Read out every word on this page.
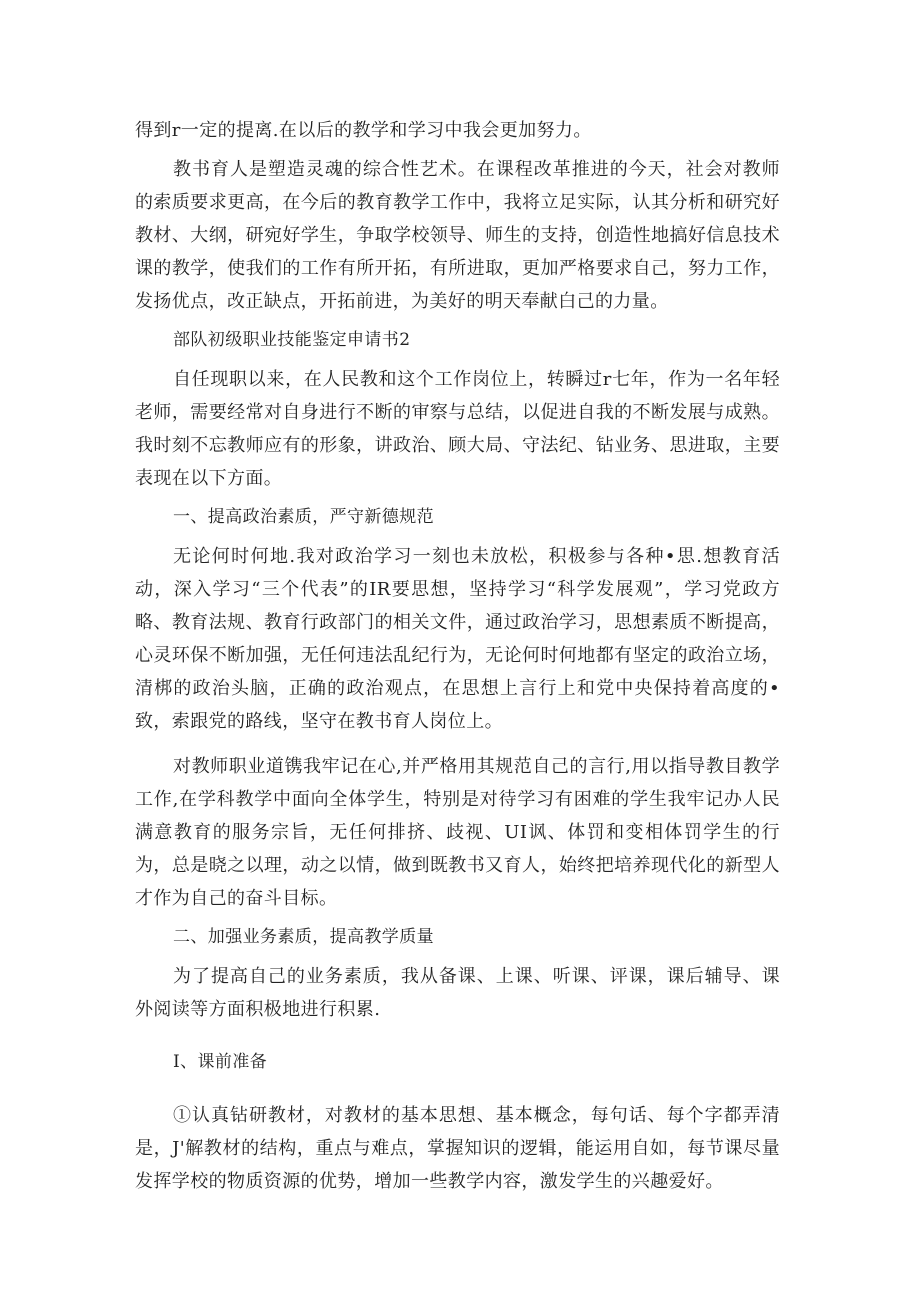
得到r一定的提离.在以后的教学和学习中我会更加努力。

教书育人是塑造灵魂的综合性艺术。在课程改革推进的今天，社会对教师的索质要求更高，在今后的教育教学工作中，我将立足实际，认其分析和研究好教材、大纲，研宛好学生，争取学校领导、师生的支持，创造性地搞好信息技术课的教学，使我们的工作有所开拓，有所进取，更加严格要求自己，努力工作，发扬优点，改正缺点，开拓前进，为美好的明天奉献白己的力量。

部队初级职业技能鉴定申请书2

自任现职以来，在人民教和这个工作岗位上，转瞬过r七年，作为一名年轻老师，需要经常对自身进行不断的审察与总结，以促进自我的不断发展与成熟。我时刻不忘教师应有的形象，讲政治、顾大局、守法纪、钻业务、思进取，主要表现在以下方面。

一、提高政治素质，严守新德规范

无论何时何地.我对政治学习一刻也未放松，积极参与各种•思.想教育活动，深入学习“三个代表”的IR要思想，坚持学习“科学发展观”，学习党政方略、教育法规、教育行政部门的相关文件，通过政治学习，思想素质不断提高，心灵环保不断加强，无任何违法乱纪行为，无论何时何地都有坚定的政治立场，清梆的政治头脑，正确的政治观点，在思想上言行上和党中央保持着高度的•致，索跟党的路线，坚守在教书育人岗位上。

对教师职业道镌我牢记在心,并严格用其规范自己的言行,用以指导教目教学工作,在学科教学中面向全体学生，特别是对待学习有困难的学生我牢记办人民满意教育的服务宗旨，无任何排挤、歧视、UI讽、体罚和变相体罚学生的行为，总是晓之以理，动之以情，做到既教书又育人，始终把培养现代化的新型人才作为自己的奋斗目标。

二、加强业务素质，提高教学质量

为了提高自己的业务素质，我从备课、上课、听课、评课，课后辅导、课外阅读等方面积极地进行积累.

I、课前准备

①认真钻研教材，对教材的基本思想、基本概念，每句话、每个字都弄清是，J'解教材的结构，重点与难点，掌握知识的逻辑，能运用自如，每节课尽量发挥学校的物质资源的优势，增加一些教学内容，激发学生的兴趣爱好。
